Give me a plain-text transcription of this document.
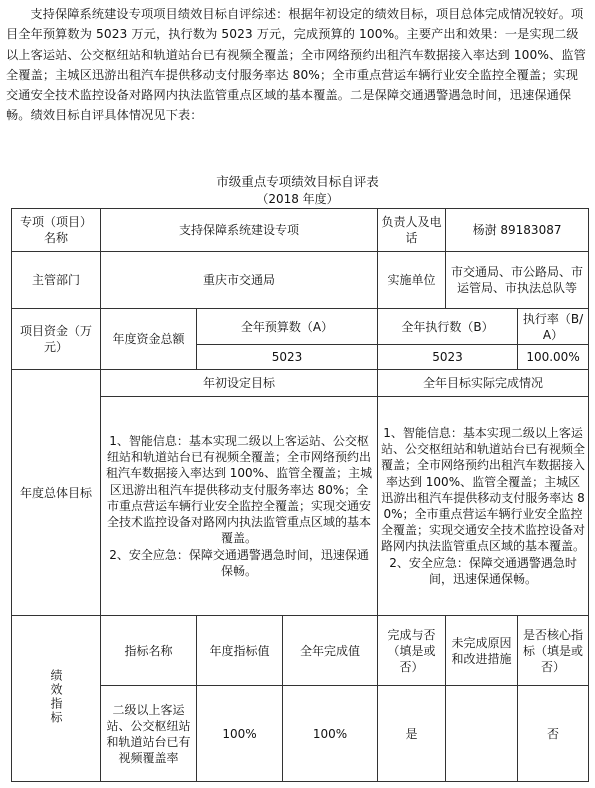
支持保障系统建设专项项目绩效目标自评综述：根据年初设定的绩效目标，项目总体完成情况较好。项目全年预算数为 5023 万元，执行数为 5023 万元，完成预算的 100%。主要产出和效果：一是实现二级以上客运站、公交枢纽站和轨道站台已有视频全覆盖；全市网络预约出租汽车数据接入率达到 100%、监管全覆盖；主城区迅游出租汽车提供移动支付服务率达 80%；全市重点营运车辆行业安全监控全覆盖；实现交通安全技术监控设备对路网内执法监管重点区域的基本覆盖。二是保障交通遇警遇急时间，迅速保通保畅。绩效目标自评具体情况见下表：
市级重点专项绩效目标自评表
（2018 年度）
专项（项目）名称	支持保障系统建设专项			负责人及电话	杨澍 89183087	
主管部门	重庆市交通局			实施单位	市交通局、市公路局、市运管局、市执法总队等	
项目资金（万元）	年度资金总额	全年预算数（A）		全年执行数（B）		执行率（B/A）
		5023		5023		100.00%
年度总体目标	年初设定目标			全年目标实际完成情况		
	1、智能信息：基本实现二级以上客运站、公交枢纽站和轨道站台已有视频全覆盖；全市网络预约出租汽车数据接入率达到 100%、监管全覆盖；主城区迅游出租汽车提供移动支付服务率达 80%；全市重点营运车辆行业安全监控全覆盖；实现交通安全技术监控设备对路网内执法监管重点区域的基本覆盖。
2、安全应急：保障交通遇警遇急时间，迅速保通保畅。			1、智能信息：基本实现二级以上客运站、公交枢纽站和轨道站台已有视频全覆盖；全市网络预约出租汽车数据接入率达到 100%、监管全覆盖；主城区迅游出租汽车提供移动支付服务率达 80%；全市重点营运车辆行业安全监控全覆盖；实现交通安全技术监控设备对路网内执法监管重点区域的基本覆盖。
2、安全应急：保障交通遇警遇急时间，迅速保通保畅。		
绩效指标	指标名称	年度指标值	全年完成值	完成与否（填是或否）	未完成原因和改进措施	是否核心指标（填是或否）
	二级以上客运站、公交枢纽站和轨道站台已有视频覆盖率	100%	100%	是		否
